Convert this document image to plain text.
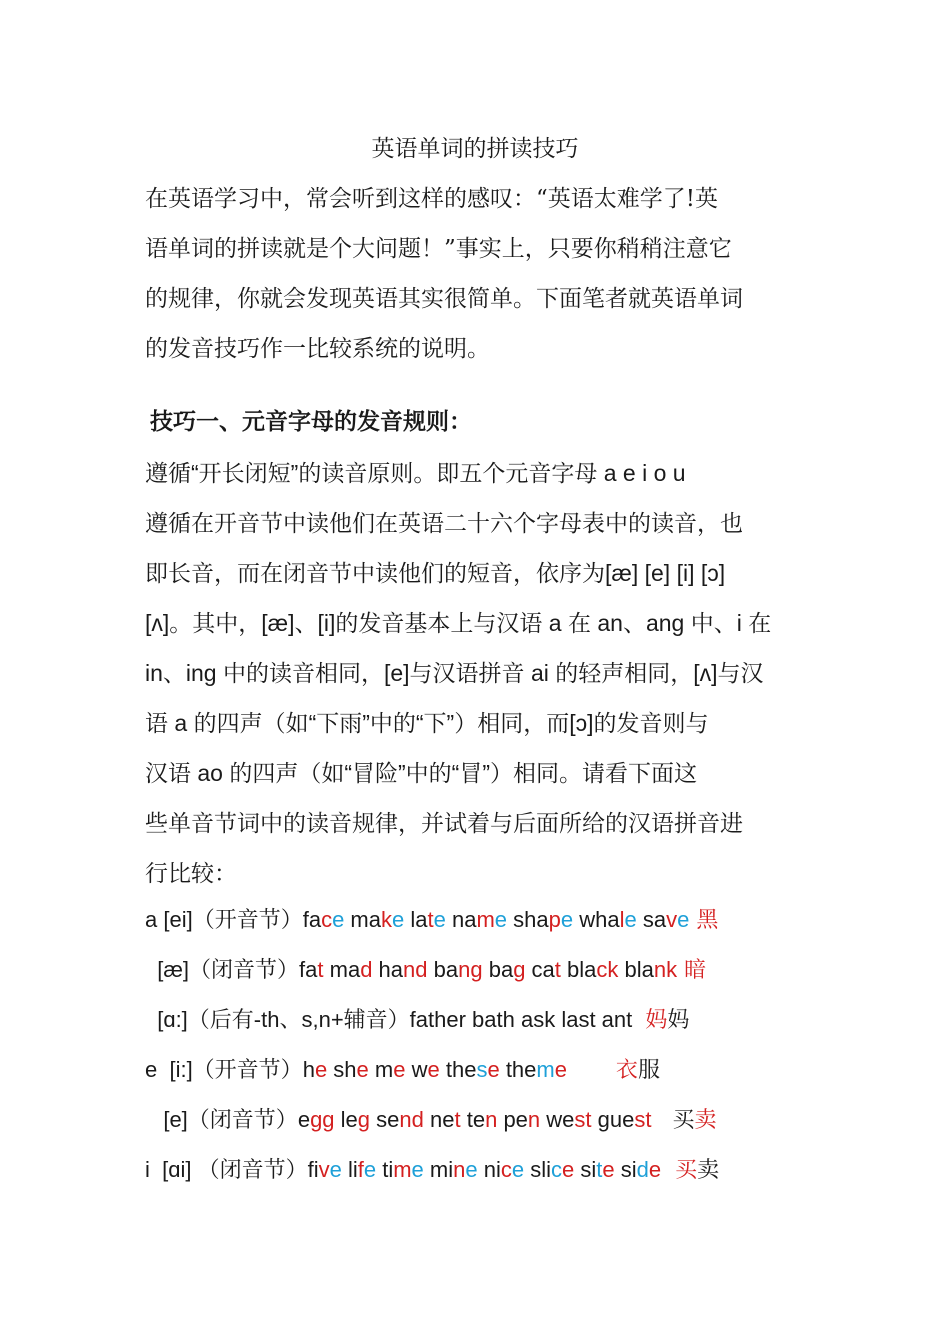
英语单词的拼读技巧
在英语学习中，常会听到这样的感叹：“英语太难学了!英
语单词的拼读就是个大问题！”事实上，只要你稍稍注意它
的规律，你就会发现英语其实很简单。下面笔者就英语单词
的发音技巧作一比较系统的说明。
技巧一、元音字母的发音规则：
遵循“开长闭短”的读音原则。即五个元音字母 a e i o u
遵循在开音节中读他们在英语二十六个字母表中的读音，也
即长音，而在闭音节中读他们的短音，依序为[æ] [e] [i] [ɔ]
[ʌ]。其中，[æ]、[i]的发音基本上与汉语 a 在 an、ang 中、i 在
in、ing 中的读音相同，[e]与汉语拼音 ai 的轻声相同，[ʌ]与汉
语 a 的四声（如“下雨”中的“下”）相同，而[ɔ]的发音则与
汉语 ao 的四声（如“冒险”中的“冒”）相同。请看下面这
些单音节词中的读音规律，并试着与后面所给的汉语拼音进
行比较：
a [ei]（开音节）face make late name shape whale save 黑
[æ]（闭音节）fat mad hand bang bag cat black blank 暗
[ɑ:]（后有-th、s,n+辅音）father bath ask last ant  妈妈
e  [i:]（开音节）he she me we these theme       衣服
[e]（闭音节）egg leg send net ten pen west guest   买卖
i  [ɑi] （闭音节）five life time mine nice slice site side  买卖
